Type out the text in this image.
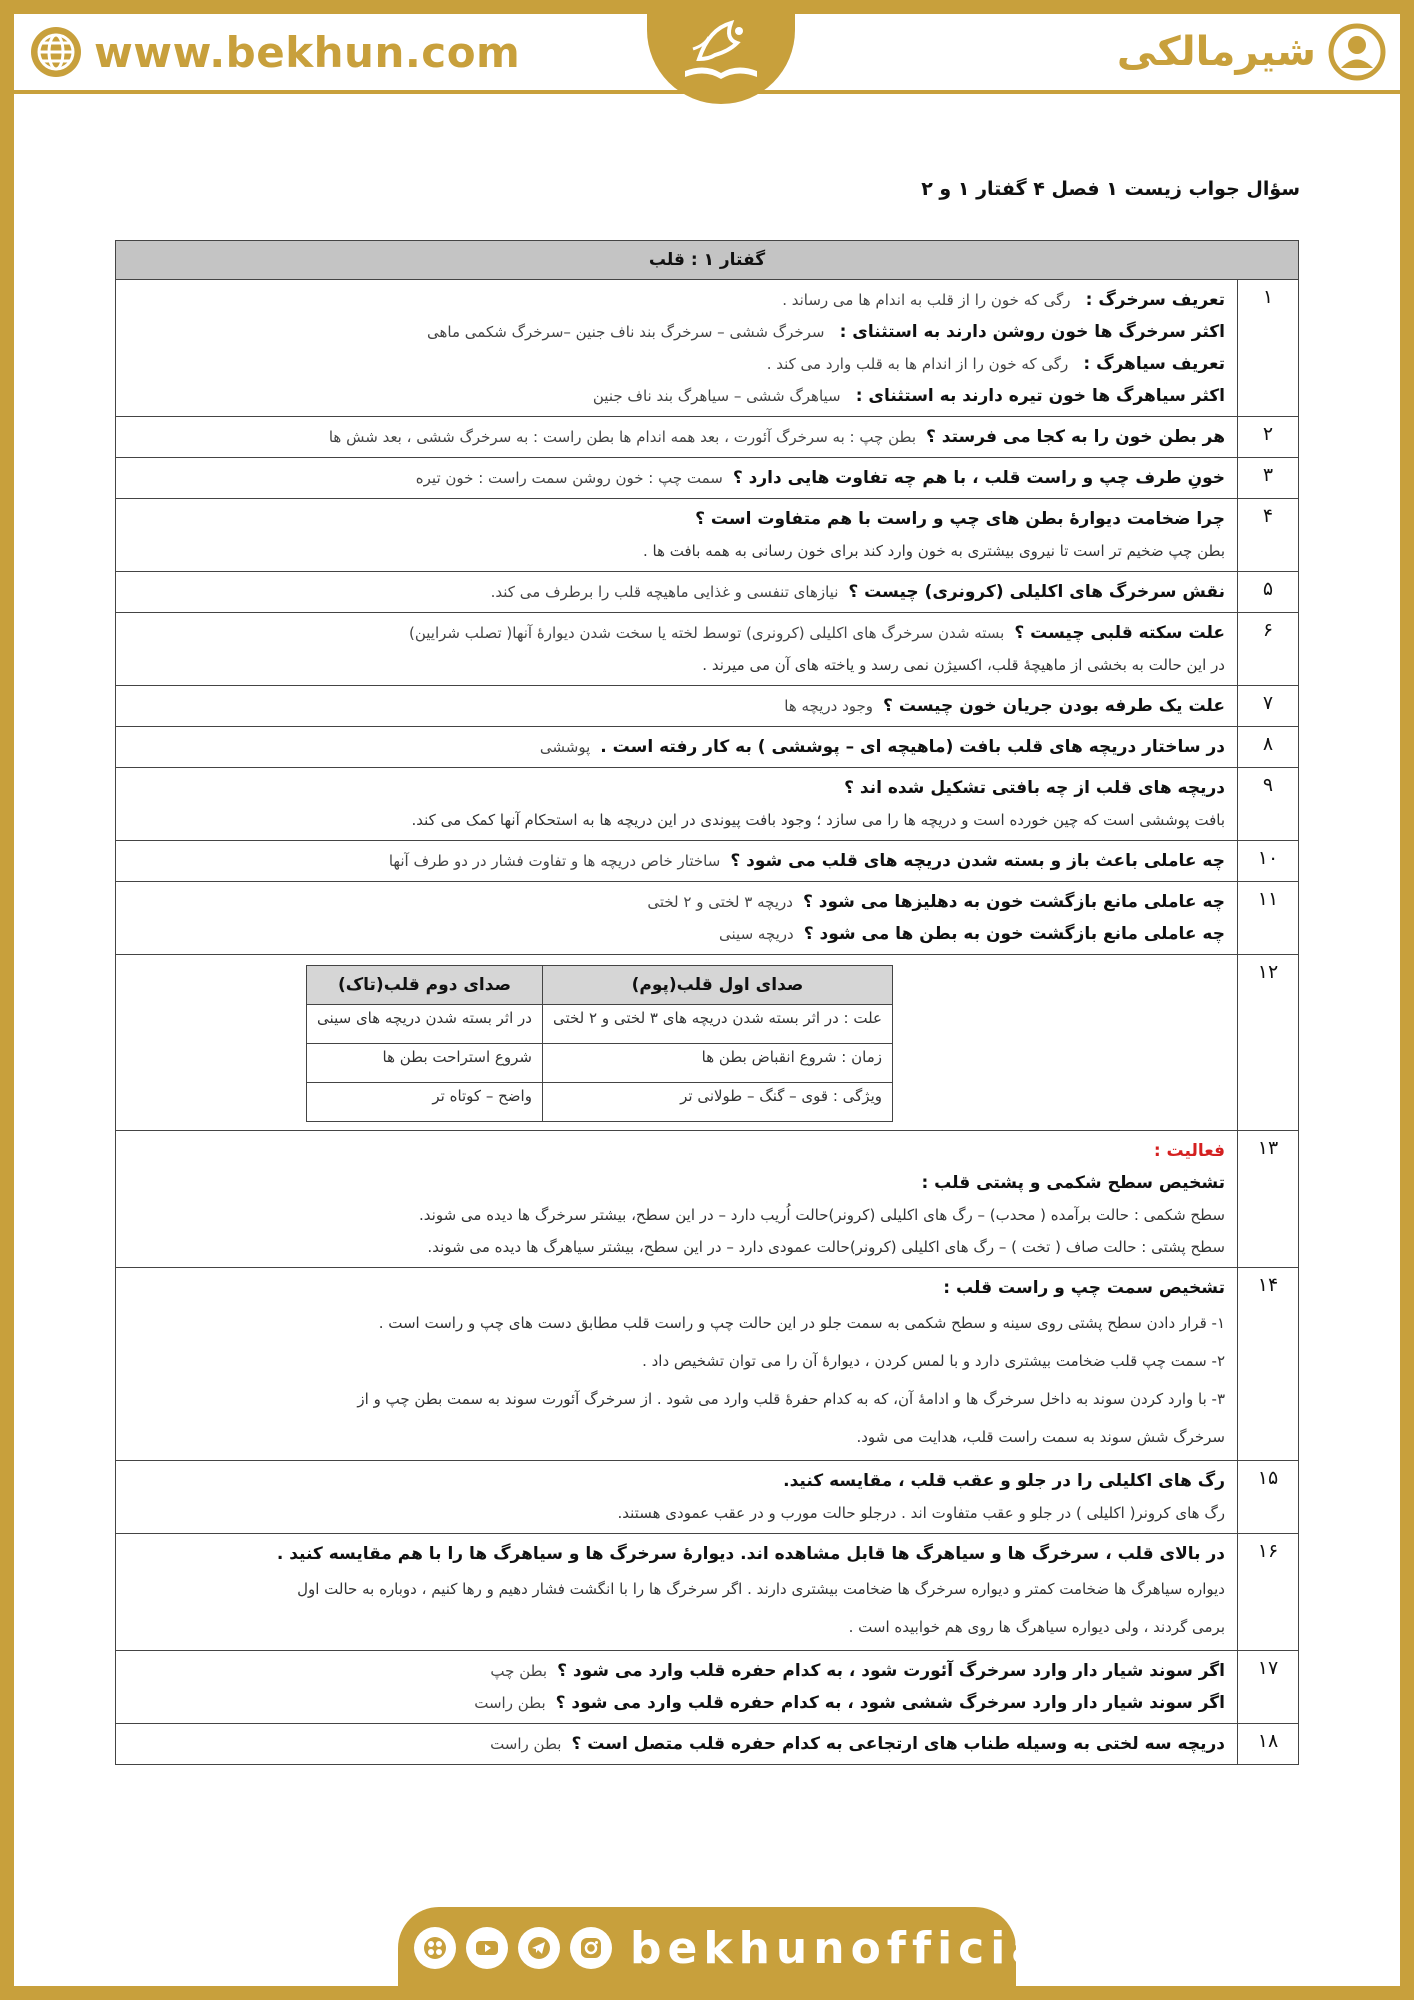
www.bekhun.com	شیرمالکی
سؤال جواب زیست ۱ فصل ۴ گفتار ۱ و ۲
گفتار ۱ : قلب
۱	
تعریف سرخرگ : رگی که خون را از قلب به اندام ها می رساند .
اکثر سرخرگ ها خون روشن دارند به استثنای : سرخرگ ششی – سرخرگ بند ناف جنین –سرخرگ شکمی ماهی
تعریف سیاهرگ : رگی که خون را از اندام ها به قلب وارد می کند .
اکثر سیاهرگ ها خون تیره دارند به استثنای : سیاهرگ ششی – سیاهرگ بند ناف جنین

۲	
هر بطن خون را به کجا می فرستد ؟بطن چپ : به سرخرگ آئورت ، بعد همه اندام ها بطن راست : به سرخرگ ششی ، بعد شش ها

۳	
خونِ طرف چپ و راست قلب ، با هم چه تفاوت هایی دارد ؟سمت چپ : خون روشن سمت راست : خون تیره

۴	
چرا ضخامت دیوارۀ بطن های چپ و راست با هم متفاوت است ؟
بطن چپ ضخیم تر است تا نیروی بیشتری به خون وارد کند برای خون رسانی به همه بافت ها .

۵	
نقش سرخرگ های اکلیلی (کرونری) چیست ؟نیازهای تنفسی و غذایی ماهیچه قلب را برطرف می کند.

۶	
علت سکته قلبی چیست ؟بسته شدن سرخرگ های اکلیلی (کرونری) توسط لخته یا سخت شدن دیوارۀ آنها( تصلب شرایین)
در این حالت به بخشی از ماهیچۀ قلب، اکسیژن نمی رسد و یاخته های آن می میرند .

۷	
علت یک طرفه بودن جریان خون چیست ؟وجود دریچه ها

۸	
در ساختار دریچه های قلب بافت (ماهیچه ای – پوششی ) به کار رفته است .پوششی

۹	
دریچه های قلب از چه بافتی تشکیل شده اند ؟
بافت پوششی است که چین خورده است و دریچه ها را می سازد ؛ وجود بافت پیوندی در این دریچه ها به استحکام آنها کمک می کند.

۱۰	
چه عاملی باعث باز و بسته شدن دریچه های قلب می شود ؟ساختار خاص دریچه ها و تفاوت فشار در دو طرف آنها

۱۱	
چه عاملی مانع بازگشت خون به دهلیزها می شود ؟دریچه ۳ لختی و ۲ لختی
چه عاملی مانع بازگشت خون به بطن ها می شود ؟دریچه سینی

۱۲	
صدای اول قلب(پوم)	صدای دوم قلب(تاک)
علت : در اثر بسته شدن دریچه های ۳ لختی و ۲ لختی	در اثر بسته شدن دریچه های سینی
زمان : شروع انقباض بطن ها	شروع استراحت بطن ها
ویژگی : قوی – گنگ – طولانی تر	واضح – کوتاه تر

۱۳	
فعالیت :
تشخیص سطح شکمی و پشتی قلب :
سطح شکمی : حالت برآمده ( محدب) – رگ های اکلیلی (کرونر)حالت اُریب دارد – در این سطح، بیشتر سرخرگ ها دیده می شوند.
سطح پشتی : حالت صاف ( تخت ) – رگ های اکلیلی (کرونر)حالت عمودی دارد – در این سطح، بیشتر سیاهرگ ها دیده می شوند.

۱۴	
تشخیص سمت چپ و راست قلب :
۱- قرار دادن سطح پشتی روی سینه و سطح شکمی به سمت جلو در این حالت چپ و راست قلب مطابق دست های چپ و راست است .
۲- سمت چپ قلب ضخامت بیشتری دارد و با لمس کردن ، دیوارۀ آن را می توان تشخیص داد .
۳- با وارد کردن سوند به داخل سرخرگ ها و ادامۀ آن، که به کدام حفرۀ قلب وارد می شود . از سرخرگ آئورت سوند به سمت بطن چپ و از
سرخرگ شش سوند به سمت راست قلب، هدایت می شود.

۱۵	
رگ های اکلیلی را در جلو و عقب قلب ، مقایسه کنید.
رگ های کرونر( اکلیلی ) در جلو و عقب متفاوت اند . درجلو حالت مورب و در عقب عمودی هستند.

۱۶	
در بالای قلب ، سرخرگ ها و سیاهرگ ها قابل مشاهده اند. دیوارۀ سرخرگ ها و سیاهرگ ها را با هم مقایسه کنید .
دیواره سیاهرگ ها ضخامت کمتر و دیواره سرخرگ ها ضخامت بیشتری دارند . اگر سرخرگ ها را با انگشت فشار دهیم و رها کنیم ، دوباره به حالت اول
برمی گردند ، ولی دیواره سیاهرگ ها روی هم خوابیده است .

۱۷	
اگر سوند شیار دار وارد سرخرگ آئورت شود ، به کدام حفره قلب وارد می شود ؟بطن چپ
اگر سوند شیار دار وارد سرخرگ ششی شود ، به کدام حفره قلب وارد می شود ؟بطن راست

۱۸	
دریچه سه لختی به وسیله طناب های ارتجاعی به کدام حفره قلب متصل است ؟بطن راست
bekhunofficial
